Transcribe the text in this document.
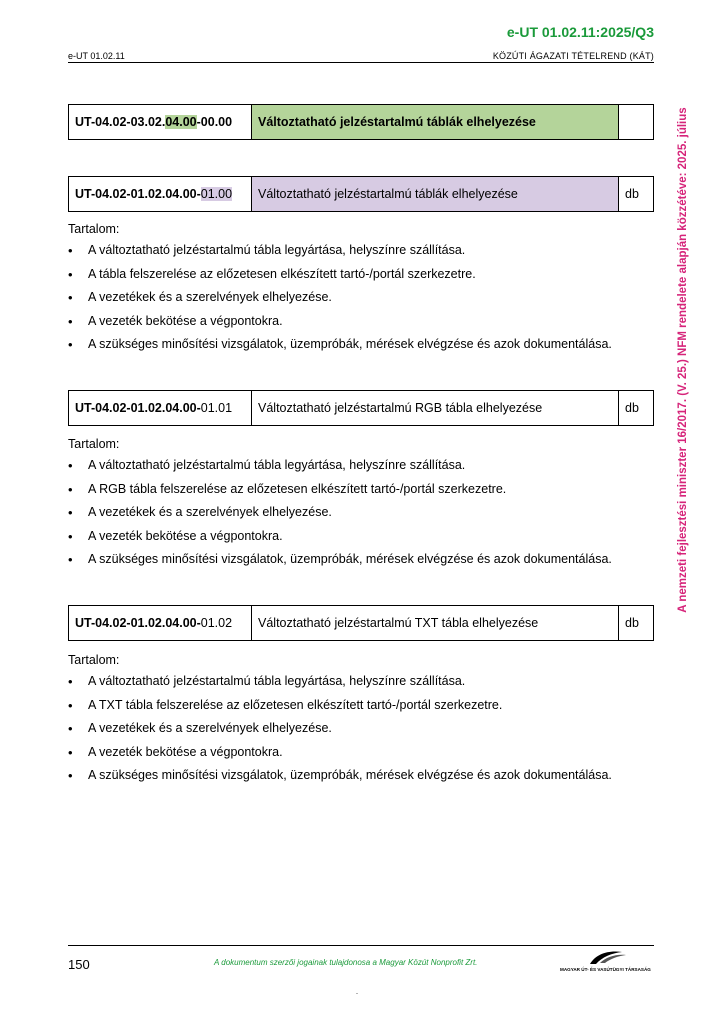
e-UT 01.02.11:2025/Q3
e-UT 01.02.11	KÖZÚTI ÁGAZATI TÉTELREND (KÁT)
A nemzeti fejlesztési miniszter 16/2017. (V. 25.) NFM rendelete alapján közzétéve: 2025. július
UT-04.02-03.02.04.00-00.00	Változtatható jelzéstartalmú táblák elhelyezése	
UT-04.02-01.02.04.00-01.00	Változtatható jelzéstartalmú táblák elhelyezése	db
Tartalom:
• A változtatható jelzéstartalmú tábla legyártása, helyszínre szállítása.
• A tábla felszerelése az előzetesen elkészített tartó-/portál szerkezetre.
• A vezetékek és a szerelvények elhelyezése.
• A vezeték bekötése a végpontokra.
• A szükséges minősítési vizsgálatok, üzempróbák, mérések elvégzése és azok dokumentálása.
UT-04.02-01.02.04.00-01.01	Változtatható jelzéstartalmú RGB tábla elhelyezése	db
Tartalom:
• A változtatható jelzéstartalmú tábla legyártása, helyszínre szállítása.
• A RGB tábla felszerelése az előzetesen elkészített tartó-/portál szerkezetre.
• A vezetékek és a szerelvények elhelyezése.
• A vezeték bekötése a végpontokra.
• A szükséges minősítési vizsgálatok, üzempróbák, mérések elvégzése és azok dokumentálása.
UT-04.02-01.02.04.00-01.02	Változtatható jelzéstartalmú TXT tábla elhelyezése	db
Tartalom:
• A változtatható jelzéstartalmú tábla legyártása, helyszínre szállítása.
• A TXT tábla felszerelése az előzetesen elkészített tartó-/portál szerkezetre.
• A vezetékek és a szerelvények elhelyezése.
• A vezeték bekötése a végpontokra.
• A szükséges minősítési vizsgálatok, üzempróbák, mérések elvégzése és azok dokumentálása.
150	A dokumentum szerzői jogainak tulajdonosa a Magyar Közút Nonprofit Zrt.
MAGYAR ÚT- ÉS VASÚTÜGYI TÁRSASÁG
